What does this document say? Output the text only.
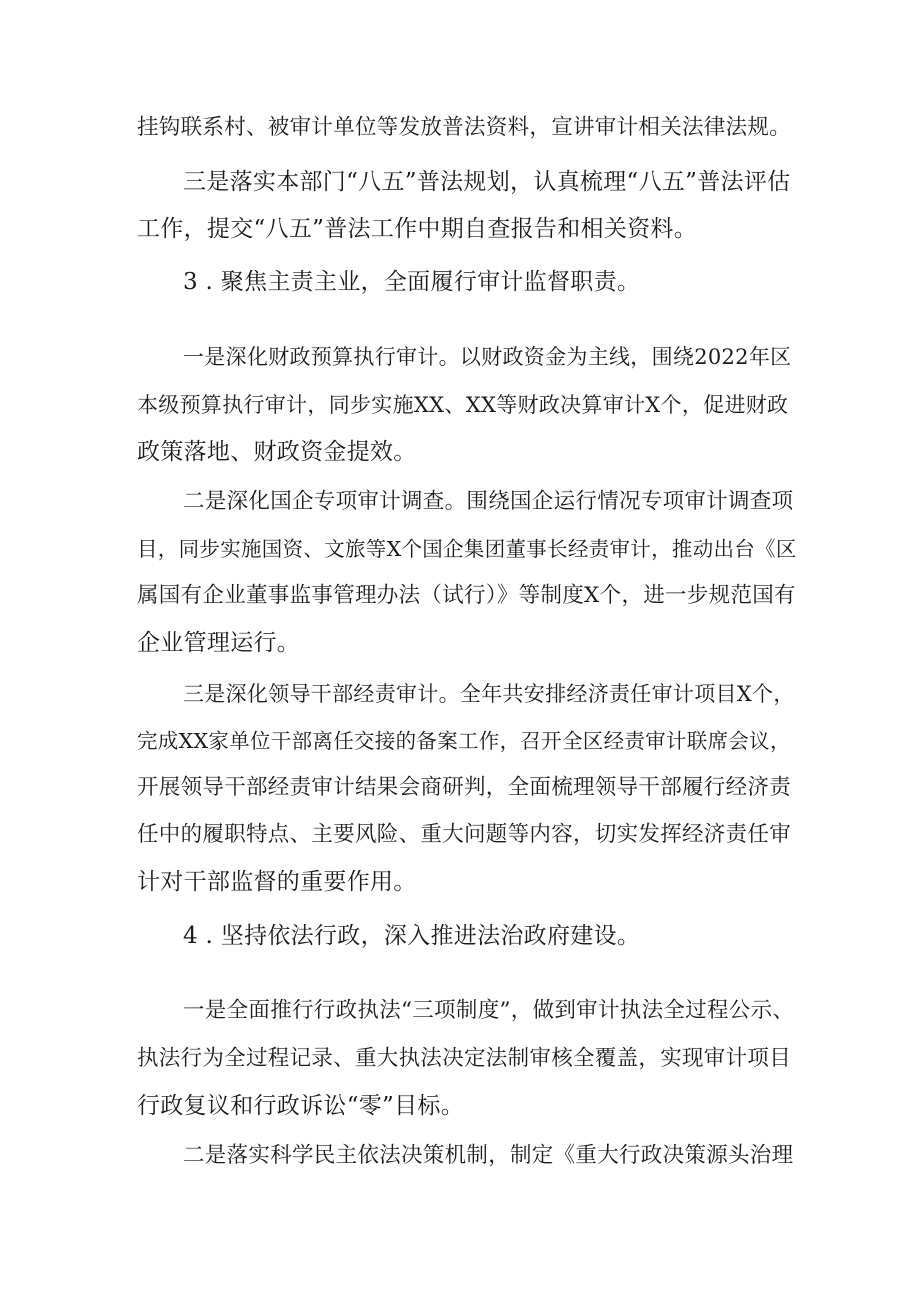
挂钩联系村、被审计单位等发放普法资料，宣讲审计相关法律法规。
三是落实本部门“八五”普法规划，认真梳理“八五”普法评估
工作，提交“八五”普法工作中期自查报告和相关资料。
3 . 聚焦主责主业，全面履行审计监督职责。
一是深化财政预算执行审计。以财政资金为主线，围绕2022年区
本级预算执行审计，同步实施XX、XX等财政决算审计X个，促进财政
政策落地、财政资金提效。
二是深化国企专项审计调查。围绕国企运行情况专项审计调查项
目，同步实施国资、文旅等X个国企集团董事长经责审计，推动出台《区
属国有企业董事监事管理办法（试行）》等制度X个，进一步规范国有
企业管理运行。
三是深化领导干部经责审计。全年共安排经济责任审计项目X个，
完成XX家单位干部离任交接的备案工作，召开全区经责审计联席会议，
开展领导干部经责审计结果会商研判，全面梳理领导干部履行经济责
任中的履职特点、主要风险、重大问题等内容，切实发挥经济责任审
计对干部监督的重要作用。
4 . 坚持依法行政，深入推进法治政府建设。
一是全面推行行政执法“三项制度”，做到审计执法全过程公示、
执法行为全过程记录、重大执法决定法制审核全覆盖，实现审计项目
行政复议和行政诉讼“零”目标。
二是落实科学民主依法决策机制，制定《重大行政决策源头治理
